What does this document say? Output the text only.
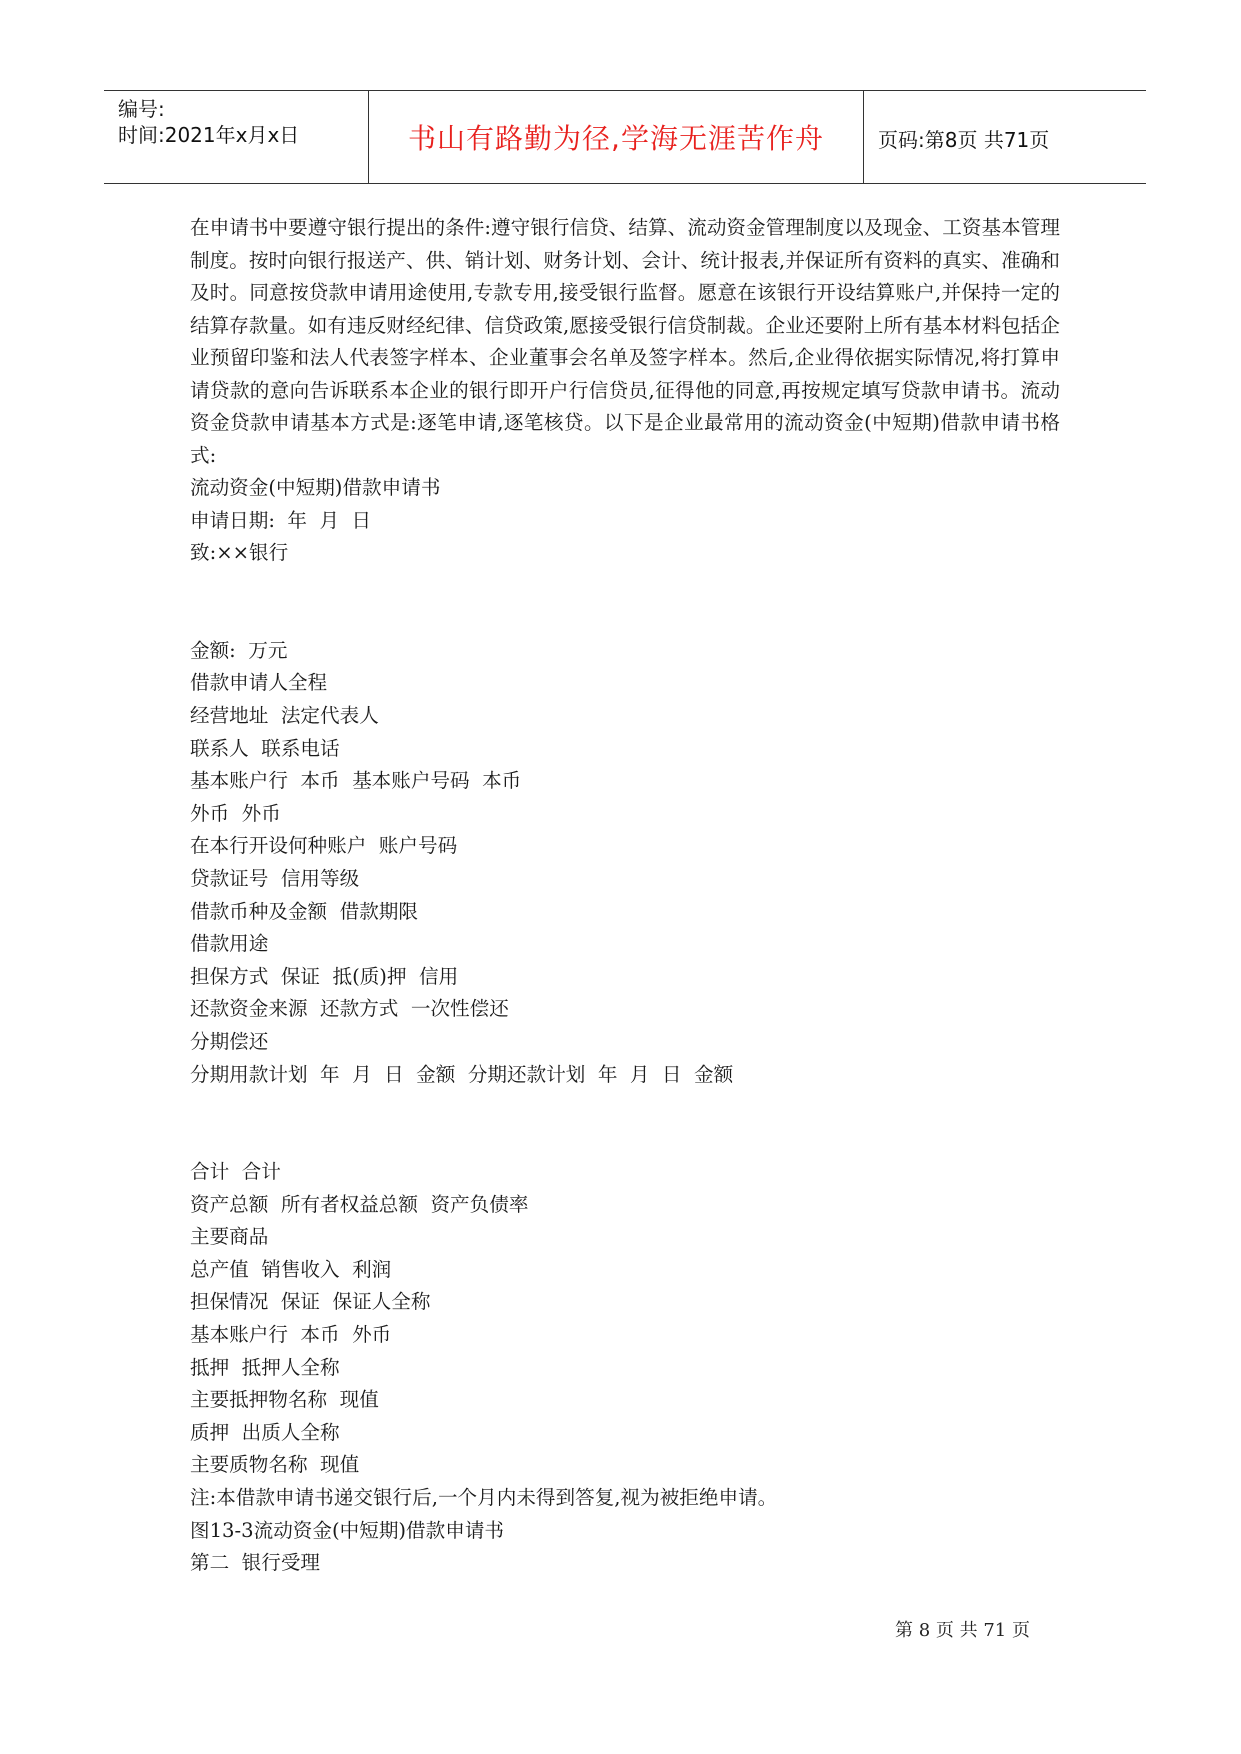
编号:
时间:2021年x月x日	书山有路勤为径,学海无涯苦作舟	页码:第8页 共71页

在申请书中要遵守银行提出的条件:遵守银行信贷、结算、流动资金管理制度以及现金、工资基本管理制度。按时向银行报送产、供、销计划、财务计划、会计、统计报表,并保证所有资料的真实、准确和及时。同意按贷款申请用途使用,专款专用,接受银行监督。愿意在该银行开设结算账户,并保持一定的结算存款量。如有违反财经纪律、信贷政策,愿接受银行信贷制裁。企业还要附上所有基本材料包括企业预留印鉴和法人代表签字样本、企业董事会名单及签字样本。然后,企业得依据实际情况,将打算申请贷款的意向告诉联系本企业的银行即开户行信贷员,征得他的同意,再按规定填写贷款申请书。流动资金贷款申请基本方式是:逐笔申请,逐笔核贷。以下是企业最常用的流动资金(中短期)借款申请书格式:

流动资金(中短期)借款申请书
申请日期:  年  月  日
致:××银行
金额:  万元
借款申请人全程
经营地址  法定代表人
联系人  联系电话
基本账户行  本币  基本账户号码  本币
外币  外币
在本行开设何种账户  账户号码
贷款证号  信用等级
借款币种及金额  借款期限
借款用途
担保方式  保证  抵(质)押  信用
还款资金来源  还款方式  一次性偿还
分期偿还
分期用款计划  年  月  日  金额  分期还款计划  年  月  日  金额
合计  合计
资产总额  所有者权益总额  资产负债率
主要商品
总产值  销售收入  利润
担保情况  保证  保证人全称
基本账户行  本币  外币
抵押  抵押人全称
主要抵押物名称  现值
质押  出质人全称
主要质物名称  现值
注:本借款申请书递交银行后,一个月内未得到答复,视为被拒绝申请。
图13-3流动资金(中短期)借款申请书
第二  银行受理
第 8 页 共 71 页
